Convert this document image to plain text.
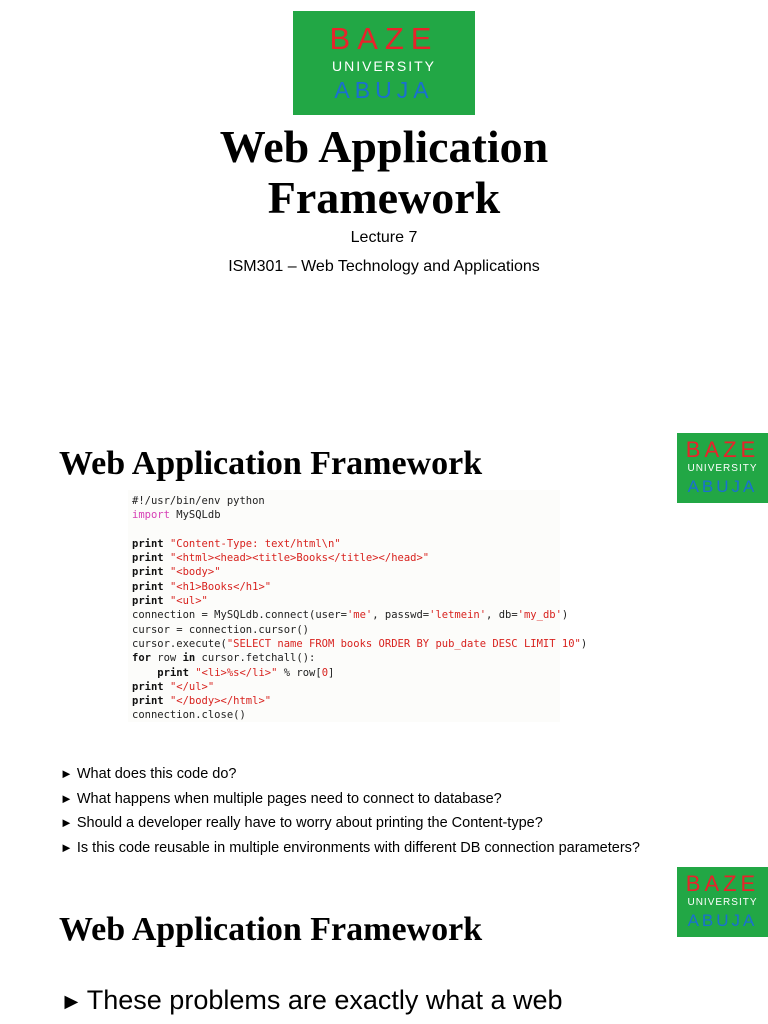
BAZE
UNIVERSITY
ABUJA
Web Application
Framework
Lecture 7
ISM301 – Web Technology and Applications
BAZE
UNIVERSITY
ABUJA
Web Application Framework
#!/usr/bin/env python
import MySQLdb
print "Content-Type: text/html\n"
print "<html><head><title>Books</title></head>"
print "<body>"
print "<h1>Books</h1>"
print "<ul>"
connection = MySQLdb.connect(user='me', passwd='letmein', db='my_db')
cursor = connection.cursor()
cursor.execute("SELECT name FROM books ORDER BY pub_date DESC LIMIT 10")
for row in cursor.fetchall():
print "<li>%s</li>" % row[0]
print "</ul>"
print "</body></html>"
connection.close()
► What does this code do?
► What happens when multiple pages need to connect to database?
► Should a developer really have to worry about printing the Content-type?
► Is this code reusable in multiple environments with different DB connection parameters?
BAZE
UNIVERSITY
ABUJA
Web Application Framework
► These problems are exactly what a web
